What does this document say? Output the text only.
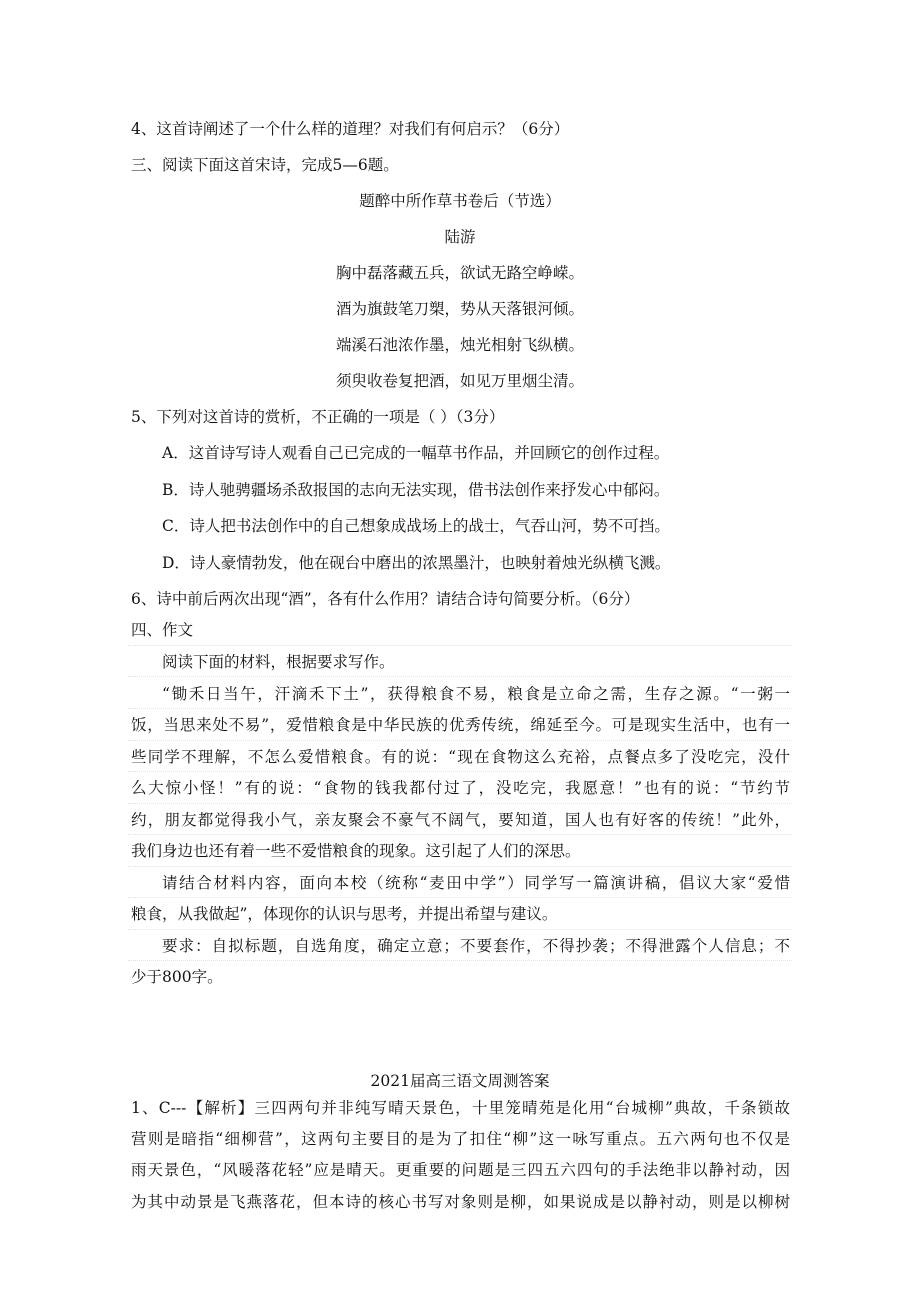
4、这首诗阐述了一个什么样的道理？对我们有何启示？（6分）
三、阅读下面这首宋诗，完成5—6题。
题醉中所作草书卷后（节选）
陆游
胸中磊落藏五兵，欲试无路空峥嵘。
酒为旗鼓笔刀槊，势从天落银河倾。
端溪石池浓作墨，烛光相射飞纵横。
须臾收卷复把酒，如见万里烟尘清。
5、下列对这首诗的赏析，不正确的一项是（ ）（3分）
A．这首诗写诗人观看自己已完成的一幅草书作品，并回顾它的创作过程。
B．诗人驰骋疆场杀敌报国的志向无法实现，借书法创作来抒发心中郁闷。
C．诗人把书法创作中的自己想象成战场上的战士，气吞山河，势不可挡。
D．诗人豪情勃发，他在砚台中磨出的浓黑墨汁，也映射着烛光纵横飞溅。
6、诗中前后两次出现“酒”，各有什么作用？请结合诗句简要分析。（6分）
四、作文
阅读下面的材料，根据要求写作。
“锄禾日当午，汗滴禾下土”，获得粮食不易，粮食是立命之需，生存之源。“一粥一
饭，当思来处不易”，爱惜粮食是中华民族的优秀传统，绵延至今。可是现实生活中，也有一
些同学不理解，不怎么爱惜粮食。有的说：“现在食物这么充裕，点餐点多了没吃完，没什
么大惊小怪！”有的说：“食物的钱我都付过了，没吃完，我愿意！”也有的说：“节约节
约，朋友都觉得我小气，亲友聚会不豪气不阔气，要知道，国人也有好客的传统！”此外，
我们身边也还有着一些不爱惜粮食的现象。这引起了人们的深思。
请结合材料内容，面向本校（统称“麦田中学”）同学写一篇演讲稿，倡议大家“爱惜
粮食，从我做起”，体现你的认识与思考，并提出希望与建议。
要求：自拟标题，自选角度，确定立意；不要套作，不得抄袭；不得泄露个人信息；不
少于800字。
2021届高三语文周测答案
1、C---【解析】三四两句并非纯写晴天景色，十里笼晴苑是化用“台城柳”典故，千条锁故
营则是暗指“细柳营”，这两句主要目的是为了扣住“柳”这一咏写重点。五六两句也不仅是
雨天景色，“风暖落花轻”应是晴天。更重要的问题是三四五六四句的手法绝非以静衬动，因
为其中动景是飞燕落花，但本诗的核心书写对象则是柳，如果说成是以静衬动，则是以柳树
